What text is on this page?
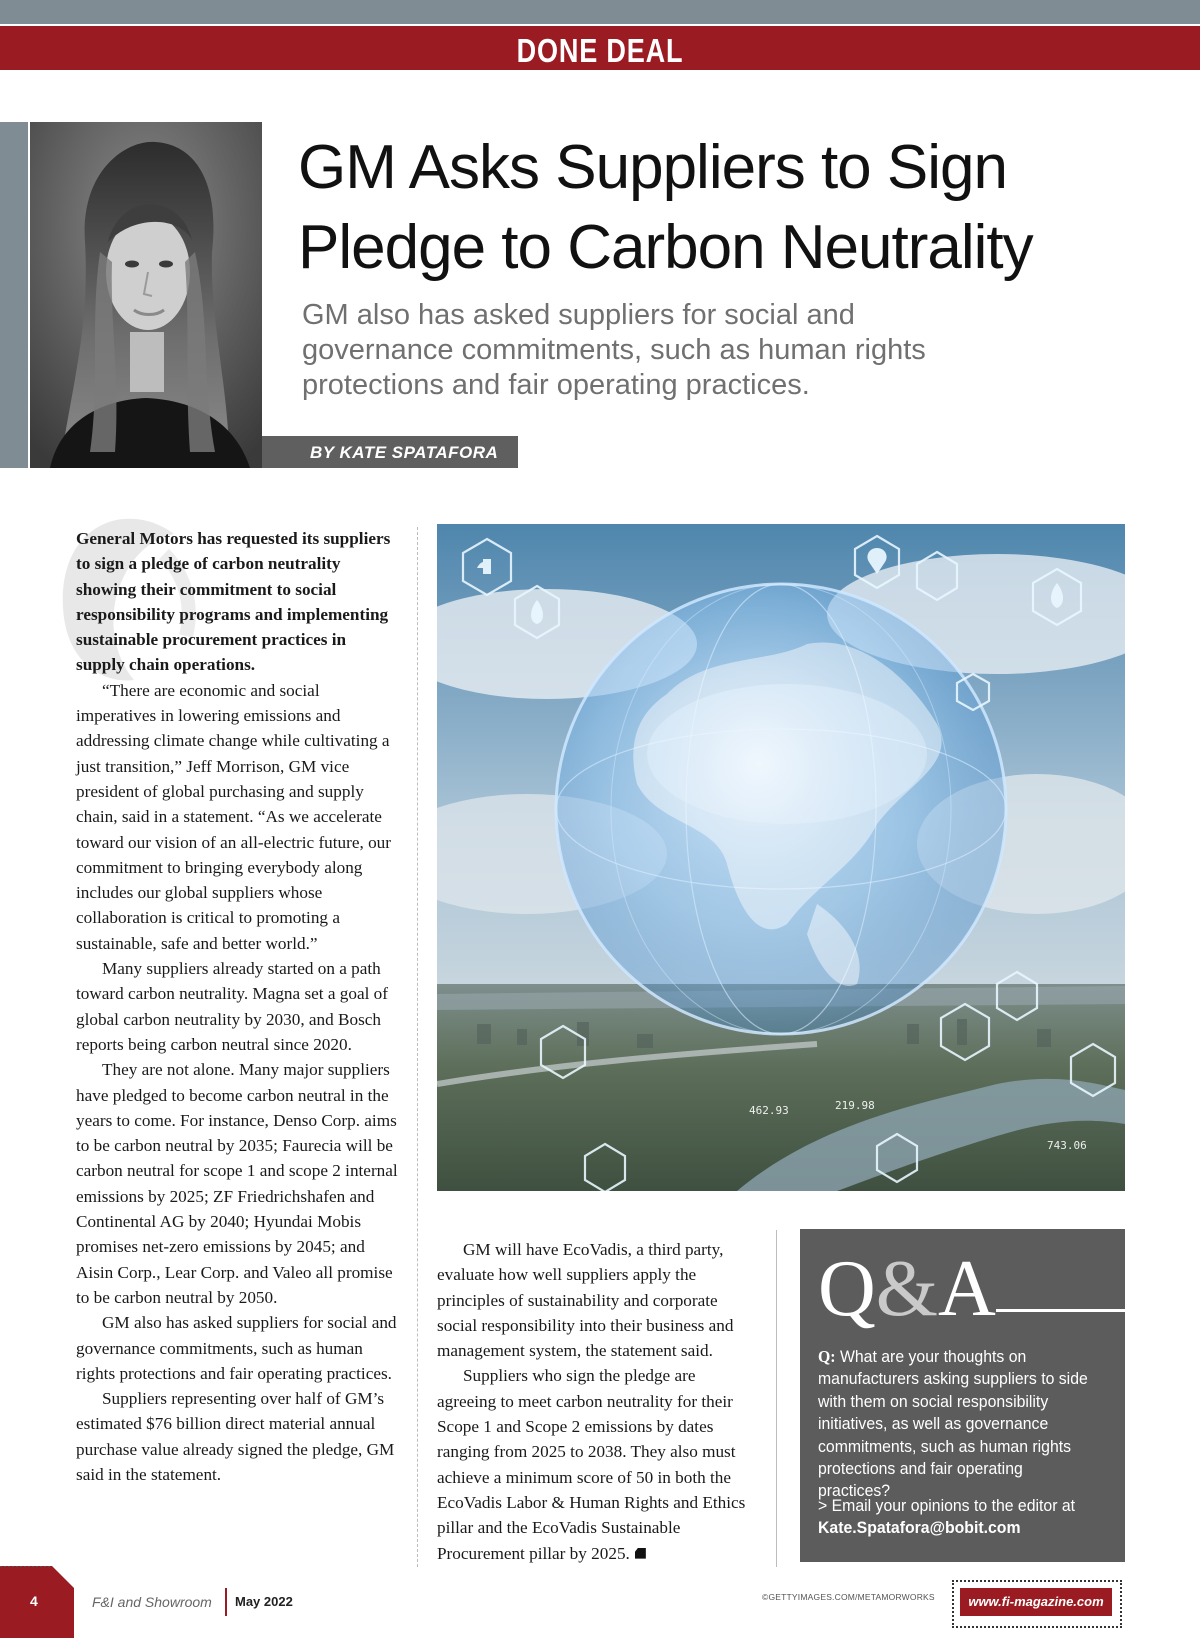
DONE DEAL
GM Asks Suppliers to Sign Pledge to Carbon Neutrality

GM also has asked suppliers for social and governance commitments, such as human rights protections and fair operating practices.

BY KATE SPATAFORA

General Motors has requested its suppliers to sign a pledge of carbon neutrality showing their commitment to social responsibility programs and implementing sustainable procurement practices in supply chain operations.

“There are economic and social imperatives in lowering emissions and addressing climate change while cultivating a just transition,” Jeff Morrison, GM vice president of global purchasing and supply chain, said in a statement. “As we accelerate toward our vision of an all-electric future, our commitment to bringing everybody along includes our global suppliers whose collaboration is critical to promoting a sustainable, safe and better world.”

Many suppliers already started on a path toward carbon neutrality. Magna set a goal of global carbon neutrality by 2030, and Bosch reports being carbon neutral since 2020.

They are not alone. Many major suppliers have pledged to become carbon neutral in the years to come. For instance, Denso Corp. aims to be carbon neutral by 2035; Faurecia will be carbon neutral for scope 1 and scope 2 internal emissions by 2025; ZF Friedrichshafen and Continental AG by 2040; Hyundai Mobis promises net-zero emissions by 2045; and Aisin Corp., Lear Corp. and Valeo all promise to be carbon neutral by 2050.

GM also has asked suppliers for social and governance commitments, such as human rights protections and fair operating practices.

Suppliers representing over half of GM’s estimated $76 billion direct material annual purchase value already signed the pledge, GM said in the statement.

462.93	219.98
743.06

GM will have EcoVadis, a third party, evaluate how well suppliers apply the principles of sustainability and corporate social responsibility into their business and management system, the statement said.

Suppliers who sign the pledge are agreeing to meet carbon neutrality for their Scope 1 and Scope 2 emissions by dates ranging from 2025 to 2038. They also must achieve a minimum score of 50 in both the EcoVadis Labor & Human Rights and Ethics pillar and the EcoVadis Sustainable Procurement pillar by 2025.

Q&A
Q: What are your thoughts on manufacturers asking suppliers to side with them on social responsibility initiatives, as well as governance commitments, such as human rights protections and fair operating practices?
> Email your opinions to the editor at Kate.Spatafora@bobit.com
4	F&I and Showroom May 2022	©GETTYIMAGES.COM/METAMORWORKS	www.fi-magazine.com
